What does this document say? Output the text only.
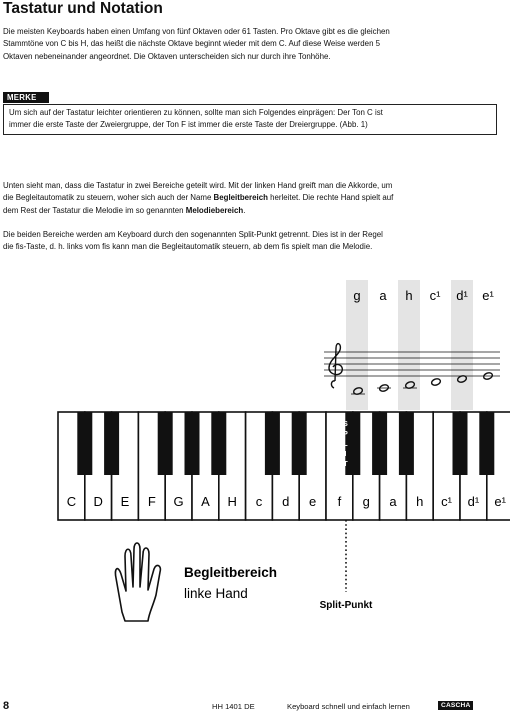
Tastatur und Notation
Die meisten Keyboards haben einen Umfang von fünf Oktaven oder 61 Tasten. Pro Oktave gibt es die gleichen
Stammtöne von C bis H, das heißt die nächste Oktave beginnt wieder mit dem C. Auf diese Weise werden 5
Oktaven nebeneinander angeordnet. Die Oktaven unterscheiden sich nur durch ihre Tonhöhe.
MERKE
Um sich auf der Tastatur leichter orientieren zu können, sollte man sich Folgendes einprägen: Der Ton C ist
immer die erste Taste der Zweiergruppe, der Ton F ist immer die erste Taste der Dreiergruppe. (Abb. 1)
Unten sieht man, dass die Tastatur in zwei Bereiche geteilt wird. Mit der linken Hand greift man die Akkorde, um
die Begleitautomatik zu steuern, woher sich auch der Name Begleitbereich herleitet. Die rechte Hand spielt auf
dem Rest der Tastatur die Melodie im so genannten Melodiebereich.
Die beiden Bereiche werden am Keyboard durch den sogenannten Split-Punkt getrennt. Dies ist in der Regel
die fis-Taste, d. h. links vom fis kann man die Begleitautomatik steuern, ab dem fis spielt man die Melodie.
g a h c¹ d¹ e¹
C D E F G A H c d e f g a h c¹ d¹ e¹
S
P
L
I
T
Begleitbereich
linke Hand
Split-Punkt
8	HH 1401 DE	Keyboard schnell und einfach lernen	CASCHA
